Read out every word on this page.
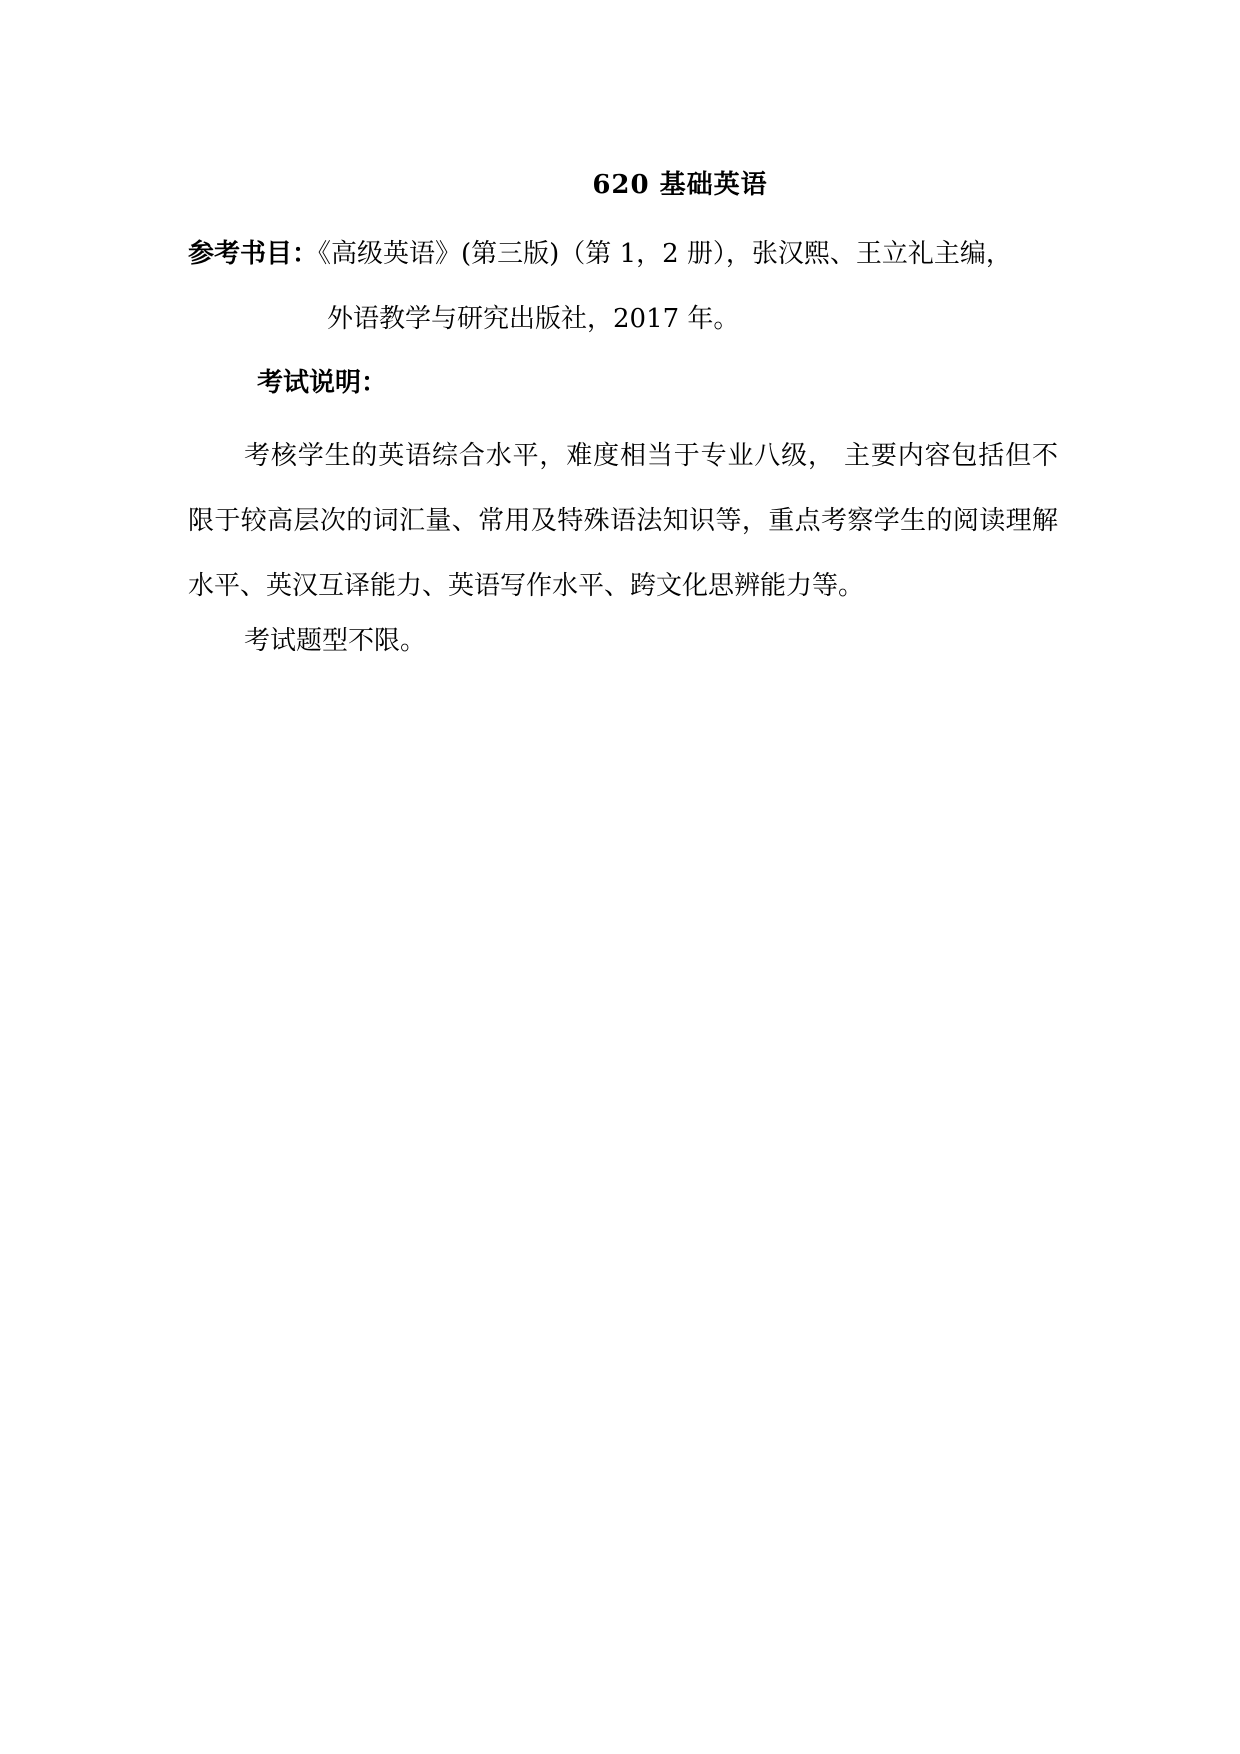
620 基础英语
参考书目：《高级英语》(第三版)（第 1，2 册），张汉熙、王立礼主编，
外语教学与研究出版社，2017 年。
考试说明：
考核学生的英语综合水平，难度相当于专业八级， 主要内容包括但不限于较高层次的词汇量、常用及特殊语法知识等，重点考察学生的阅读理解水平、英汉互译能力、英语写作水平、跨文化思辨能力等。
考试题型不限。
